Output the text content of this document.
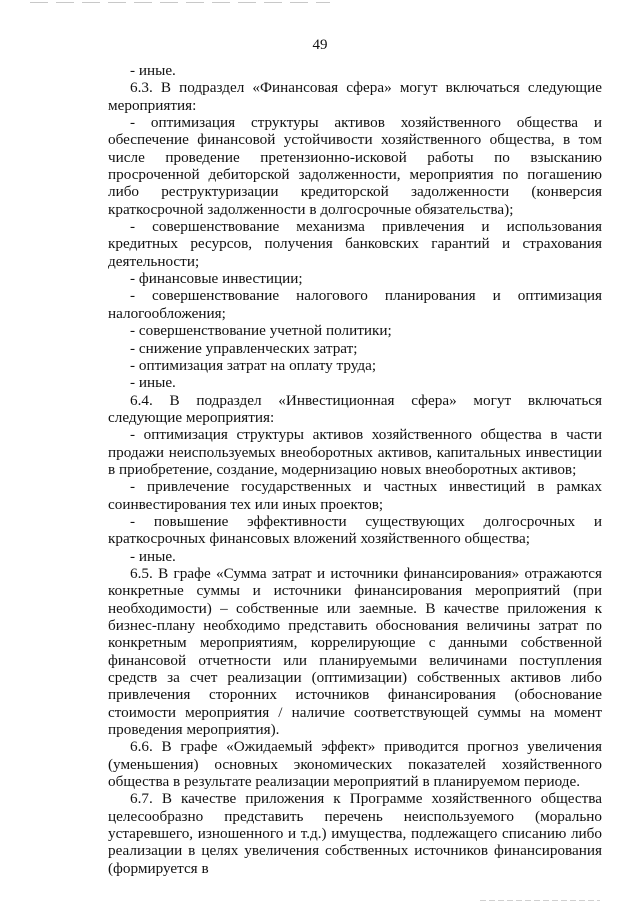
49

- иные.

6.3. В подраздел «Финансовая сфера» могут включаться следующие мероприятия:

- оптимизация структуры активов хозяйственного общества и обеспечение финансовой устойчивости хозяйственного общества, в том числе проведение претензионно-исковой работы по взысканию просроченной дебиторской задолженности, мероприятия по погашению либо реструктуризации кредиторской задолженности (конверсия краткосрочной задолженности в долгосрочные обязательства);

- совершенствование механизма привлечения и использования кредитных ресурсов, получения банковских гарантий и страхования деятельности;

- финансовые инвестиции;

- совершенствование налогового планирования и оптимизация налогообложения;

- совершенствование учетной политики;

- снижение управленческих затрат;

- оптимизация затрат на оплату труда;

- иные.

6.4. В подраздел «Инвестиционная сфера» могут включаться следующие мероприятия:

- оптимизация структуры активов хозяйственного общества в части продажи неиспользуемых внеоборотных активов, капитальных инвестиции в приобретение, создание, модернизацию новых внеоборотных активов;

- привлечение государственных и частных инвестиций в рамках соинвестирования тех или иных проектов;

- повышение эффективности существующих долгосрочных и краткосрочных финансовых вложений хозяйственного общества;

- иные.

6.5. В графе «Сумма затрат и источники финансирования» отражаются конкретные суммы и источники финансирования мероприятий (при необходимости) – собственные или заемные. В качестве приложения к бизнес-плану необходимо представить обоснования величины затрат по конкретным мероприятиям, коррелирующие с данными собственной финансовой отчетности или планируемыми величинами поступления средств за счет реализации (оптимизации) собственных активов либо привлечения сторонних источников финансирования (обоснование стоимости мероприятия / наличие соответствующей суммы на момент проведения мероприятия).

6.6. В графе «Ожидаемый эффект» приводится прогноз увеличения (уменьшения) основных экономических показателей хозяйственного общества в результате реализации мероприятий в планируемом периоде.

6.7. В качестве приложения к Программе хозяйственного общества целесообразно представить перечень неиспользуемого (морально устаревшего, изношенного и т.д.) имущества, подлежащего списанию либо реализации в целях увеличения собственных источников финансирования (формируется в
